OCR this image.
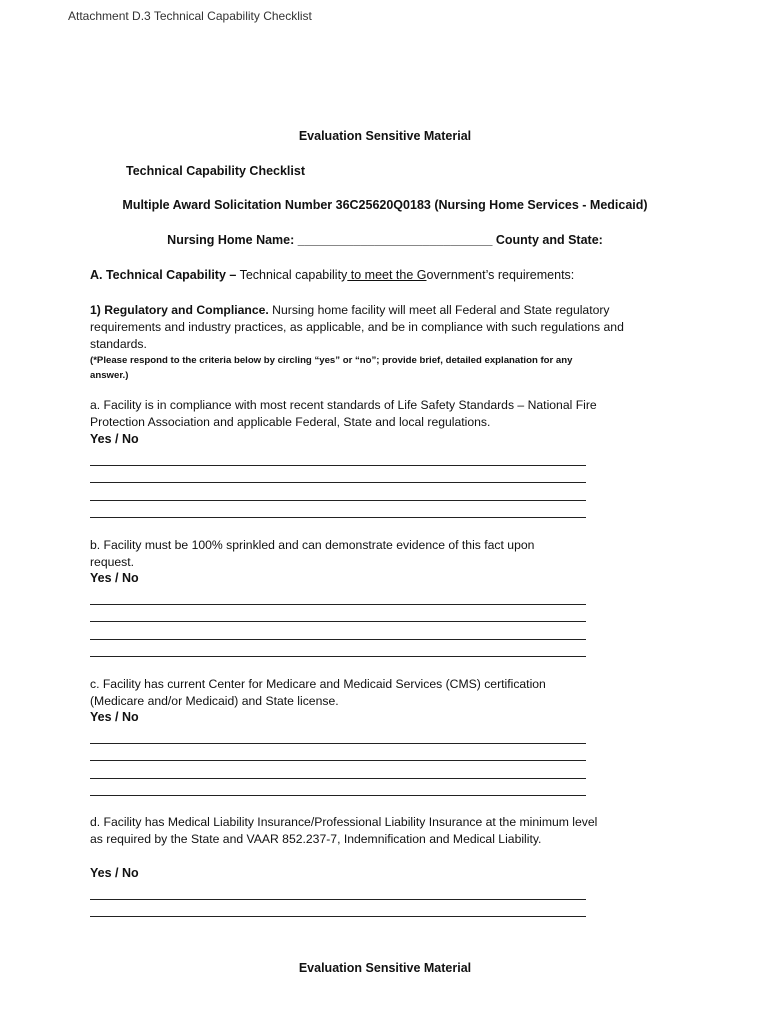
Attachment D.3 Technical Capability Checklist
Evaluation Sensitive Material
Technical Capability Checklist
Multiple Award Solicitation Number 36C25620Q0183 (Nursing Home Services - Medicaid)
Nursing Home Name: ____________________________ County and State:
A. Technical Capability – Technical capability to meet the Government’s requirements:
1) Regulatory and Compliance. Nursing home facility will meet all Federal and State regulatory requirements and industry practices, as applicable, and be in compliance with such regulations and standards.
(*Please respond to the criteria below by circling “yes” or “no”; provide brief, detailed explanation for any answer.)
a. Facility is in compliance with most recent standards of Life Safety Standards – National Fire Protection Association and applicable Federal, State and local regulations.
Yes / No
b. Facility must be 100% sprinkled and can demonstrate evidence of this fact upon request.
Yes / No
c. Facility has current Center for Medicare and Medicaid Services (CMS) certification (Medicare and/or Medicaid) and State license.
Yes / No
d. Facility has Medical Liability Insurance/Professional Liability Insurance at the minimum level as required by the State and VAAR 852.237-7, Indemnification and Medical Liability.
Yes / No
Evaluation Sensitive Material
